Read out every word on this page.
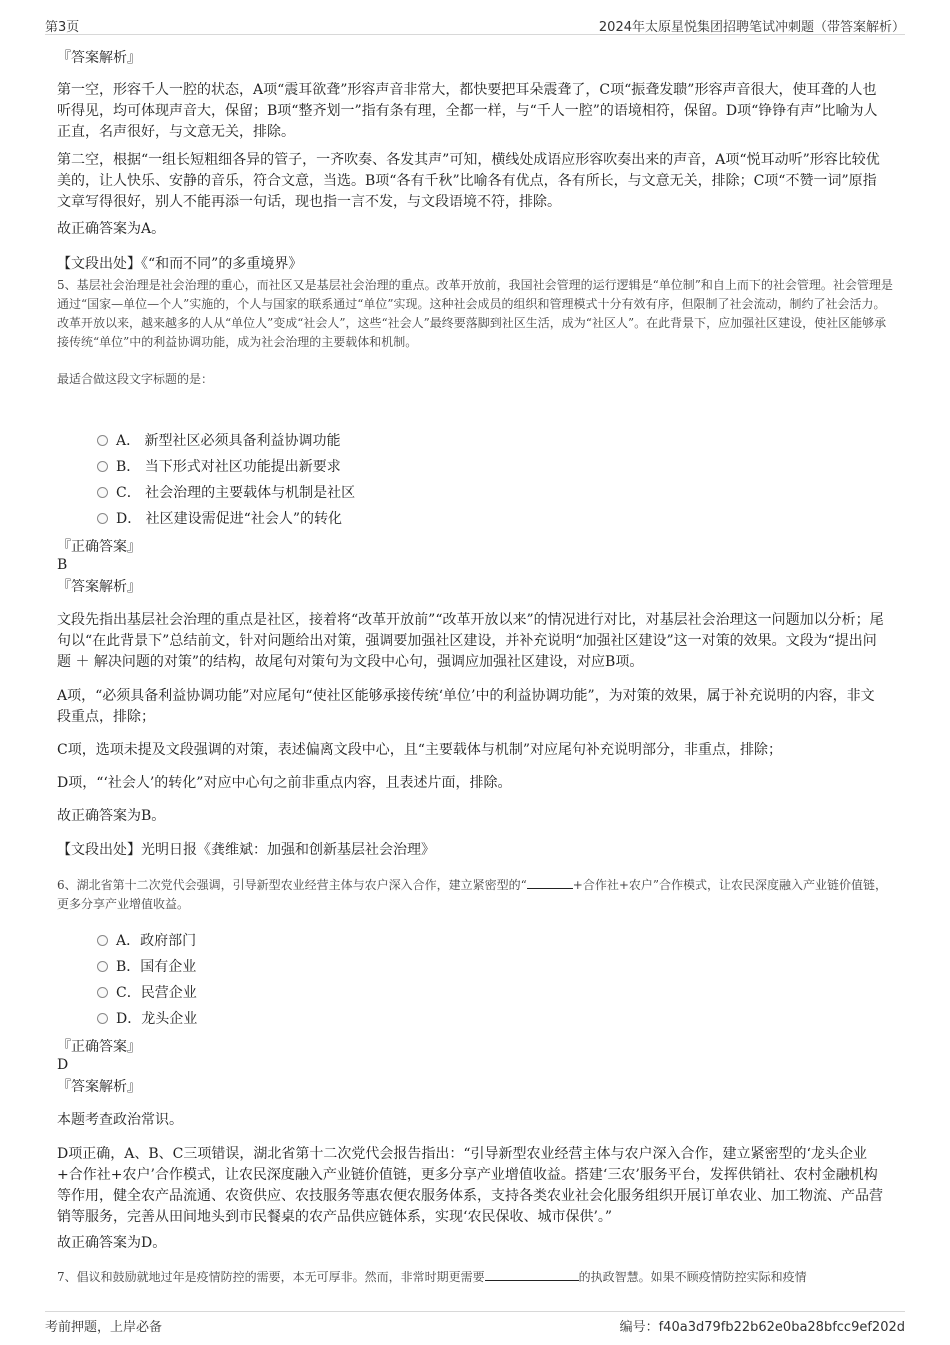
第3页	2024年太原星悦集团招聘笔试冲刺题（带答案解析）
『答案解析』

第一空，形容千人一腔的状态，A项“震耳欲聋”形容声音非常大，都快要把耳朵震聋了，C项“振聋发聩”形容声音很大，使耳聋的人也听得见，均可体现声音大，保留；B项“整齐划一”指有条有理，全都一样，与“千人一腔”的语境相符，保留。D项“铮铮有声”比喻为人正直，名声很好，与文意无关，排除。

第二空，根据“一组长短粗细各异的管子，一齐吹奏、各发其声”可知，横线处成语应形容吹奏出来的声音，A项“悦耳动听”形容比较优美的，让人快乐、安静的音乐，符合文意，当选。B项“各有千秋”比喻各有优点，各有所长，与文意无关，排除；C项“不赞一词”原指文章写得很好，别人不能再添一句话，现也指一言不发，与文段语境不符，排除。

故正确答案为A。

【文段出处】《“和而不同”的多重境界》

5、基层社会治理是社会治理的重心，而社区又是基层社会治理的重点。改革开放前，我国社会管理的运行逻辑是“单位制”和自上而下的社会管理。社会管理是通过“国家—单位—个人”实施的，个人与国家的联系通过“单位”实现。这种社会成员的组织和管理模式十分有效有序，但限制了社会流动，制约了社会活力。改革开放以来，越来越多的人从“单位人”变成“社会人”，这些“社会人”最终要落脚到社区生活，成为“社区人”。在此背景下，应加强社区建设，使社区能够承接传统“单位”中的利益协调功能，成为社会治理的主要载体和机制。

最适合做这段文字标题的是：

A． 新型社区必须具备利益协调功能
B． 当下形式对社区功能提出新要求
C． 社会治理的主要载体与机制是社区
D． 社区建设需促进“社会人”的转化
『正确答案』
B
『答案解析』

文段先指出基层社会治理的重点是社区，接着将“改革开放前”“改革开放以来”的情况进行对比，对基层社会治理这一问题加以分析；尾句以“在此背景下”总结前文，针对问题给出对策，强调要加强社区建设，并补充说明“加强社区建设”这一对策的效果。文段为“提出问题 ＋ 解决问题的对策”的结构，故尾句对策句为文段中心句，强调应加强社区建设，对应B项。

A项，“必须具备利益协调功能”对应尾句“使社区能够承接传统‘单位’中的利益协调功能”，为对策的效果，属于补充说明的内容，非文段重点，排除；

C项，选项未提及文段强调的对策，表述偏离文段中心，且“主要载体与机制”对应尾句补充说明部分，非重点，排除；

D项，“‘社会人’的转化”对应中心句之前非重点内容，且表述片面，排除。

故正确答案为B。

【文段出处】光明日报《龚维斌：加强和创新基层社会治理》

6、湖北省第十二次党代会强调，引导新型农业经营主体与农户深入合作，建立紧密型的“	+合作社+农户”合作模式，让农民深度融入产业链价值链，更多分享产业增值收益。

A．政府部门
B．国有企业
C．民营企业
D．龙头企业
『正确答案』
D
『答案解析』

本题考查政治常识。

D项正确，A、B、C三项错误，湖北省第十二次党代会报告指出：“引导新型农业经营主体与农户深入合作，建立紧密型的‘龙头企业+合作社+农户’合作模式，让农民深度融入产业链价值链，更多分享产业增值收益。搭建‘三农’服务平台，发挥供销社、农村金融机构等作用，健全农产品流通、农资供应、农技服务等惠农便农服务体系，支持各类农业社会化服务组织开展订单农业、加工物流、产品营销等服务，完善从田间地头到市民餐桌的农产品供应链体系，实现‘农民保收、城市保供’。”

故正确答案为D。

7、倡议和鼓励就地过年是疫情防控的需要，本无可厚非。然而，非常时期更需要	的执政智慧。如果不顾疫情防控实际和疫情

考前押题，上岸必备	编号：f40a3d79fb22b62e0ba28bfcc9ef202d
